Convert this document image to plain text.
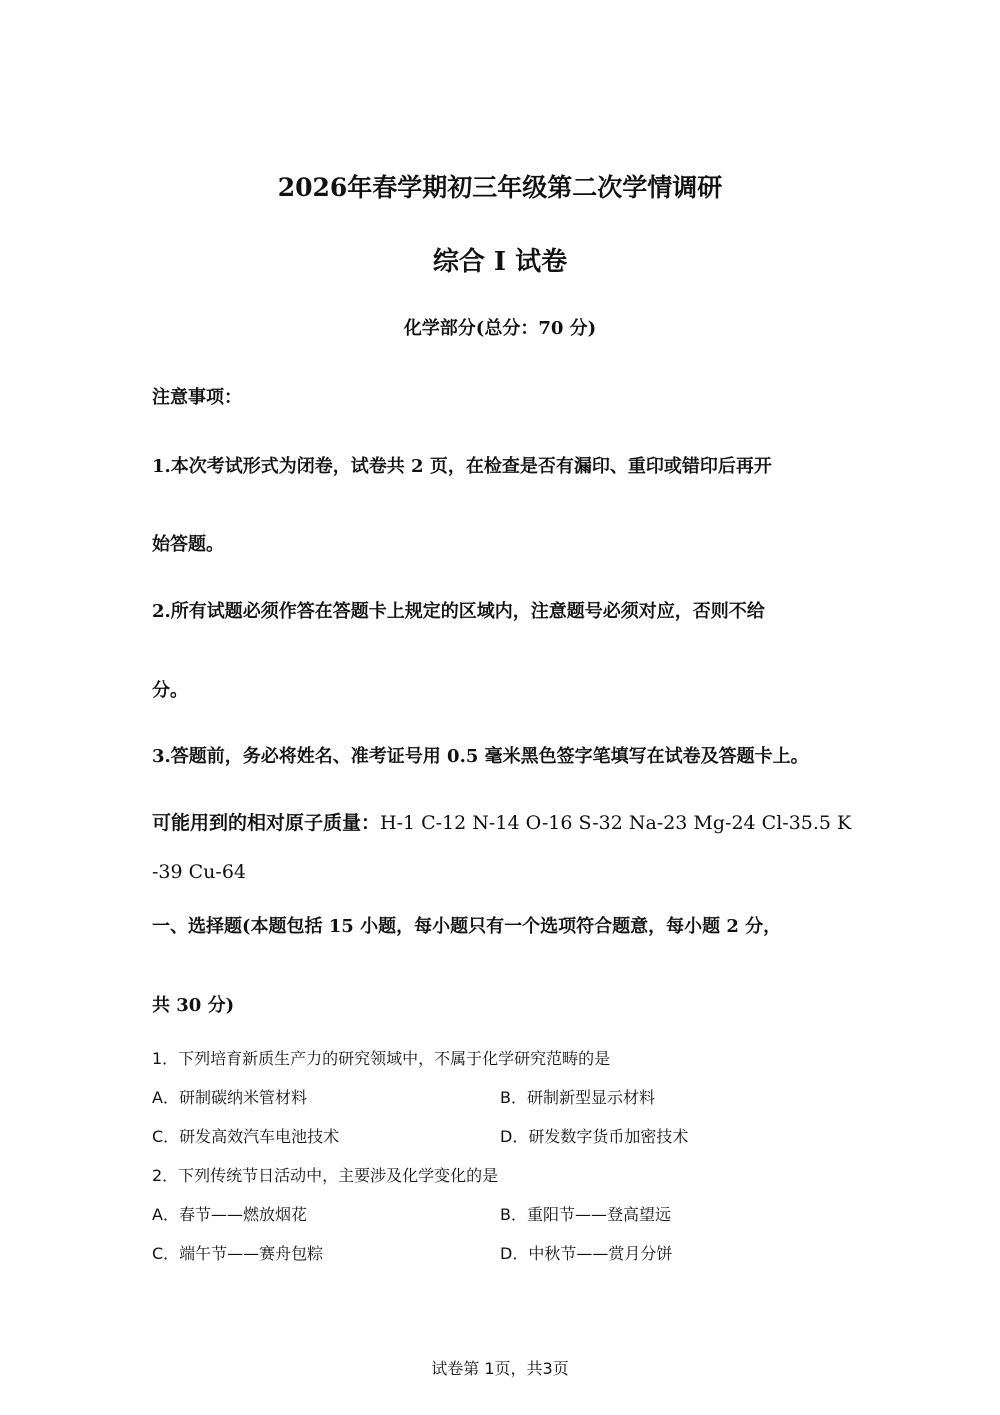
2026年春学期初三年级第二次学情调研
综合 I 试卷
化学部分(总分：70 分)
注意事项：
1.本次考试形式为闭卷，试卷共 2 页，在检查是否有漏印、重印或错印后再开
始答题。
2.所有试题必须作答在答题卡上规定的区域内，注意题号必须对应，否则不给
分。
3.答题前，务必将姓名、准考证号用 0.5 毫米黑色签字笔填写在试卷及答题卡上。
可能用到的相对原子质量：H-1 C-12 N-14 O-16 S-32 Na-23 Mg-24 Cl-35.5 K
-39 Cu-64
一、选择题(本题包括 15 小题，每小题只有一个选项符合题意，每小题 2 分，
共 30 分)
1．下列培育新质生产力的研究领域中，不属于化学研究范畴的是
A．研制碳纳米管材料	B．研制新型显示材料
C．研发高效汽车电池技术	D．研发数字货币加密技术
2．下列传统节日活动中，主要涉及化学变化的是
A．春节——燃放烟花	B．重阳节——登高望远
C．端午节——赛舟包粽	D．中秋节——赏月分饼
试卷第 1页，共3页
